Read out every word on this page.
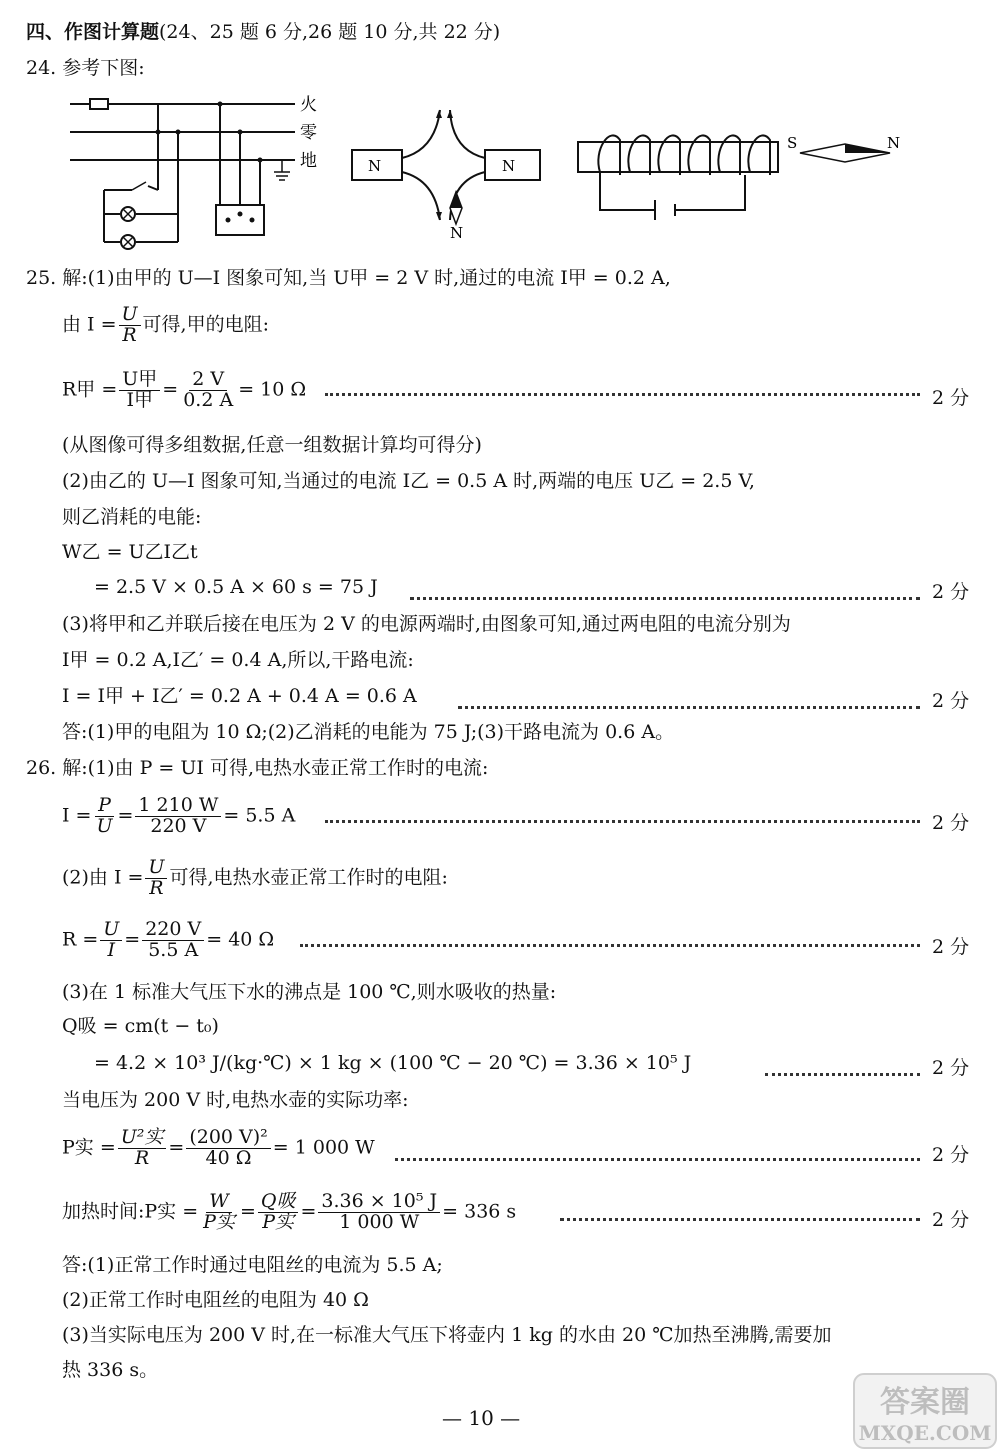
四、作图计算题(24、25 题 6 分,26 题 10 分,共 22 分)
24. 参考下图:
火
零
地	N	N
N
S	N
25. 解:(1)由甲的 U—I 图象可知,当 U甲 = 2 V 时,通过的电流 I甲 = 0.2 A,
由 $I = \frac{U}{R}$ 可得,甲的电阻:
R甲 = $\frac{\text{U甲}}{\text{I甲}} = \frac{2 V}{0.2 A} = 10$ Ω	2 分
(从图像可得多组数据,任意一组数据计算均可得分)
(2)由乙的 U—I 图象可知,当通过的电流 I乙 = 0.5 A 时,两端的电压 U乙 = 2.5 V,
则乙消耗的电能:
W乙 = U乙I乙t
= 2.5 V × 0.5 A × 60 s = 75 J	2 分
(3)将甲和乙并联后接在电压为 2 V 的电源两端时,由图象可知,通过两电阻的电流分别为
I甲 = 0.2 A,I乙′ = 0.4 A,所以,干路电流:
I = I甲 + I乙′ = 0.2 A + 0.4 A = 0.6 A	2 分
答:(1)甲的电阻为 10 Ω;(2)乙消耗的电能为 75 J;(3)干路电流为 0.6 A。
26. 解:(1)由 P = UI 可得,电热水壶正常工作时的电流:
$I = \frac{P}{U} = \frac{1 210 W}{220 V} = 5.5$ A	2 分
(2)由 $I = \frac{U}{R}$ 可得,电热水壶正常工作时的电阻:
$R = \frac{U}{I} = \frac{220 V}{5.5 A} = 40$ Ω	2 分
(3)在 1 标准大气压下水的沸点是 100 ℃,则水吸收的热量:
Q吸 = cm(t − t₀)
= 4.2 × 10³ J/(kg·℃) × 1 kg × (100 ℃ − 20 ℃) = 3.36 × 10⁵ J	2 分
当电压为 200 V 时,电热水壶的实际功率:
P实 = $\frac{\text{U²实}}{R} = \frac{\text{(200 V)²}}{40 \Omega} = 1$ 000 W	2 分
加热时间:P实 = $\frac{W}{\text{P实}} = \frac{\text{Q吸}}{\text{P实}} = \frac{\text{3.36 × 10⁵ J}}{1 000 W} = 336$ s	2 分
答:(1)正常工作时通过电阻丝的电流为 5.5 A;
(2)正常工作时电阻丝的电阻为 40 Ω
(3)当实际电压为 200 V 时,在一标准大气压下将壶内 1 kg 的水由 20 ℃加热至沸腾,需要加
热 336 s。
— 10 —	答案圈
MXQE.COM
